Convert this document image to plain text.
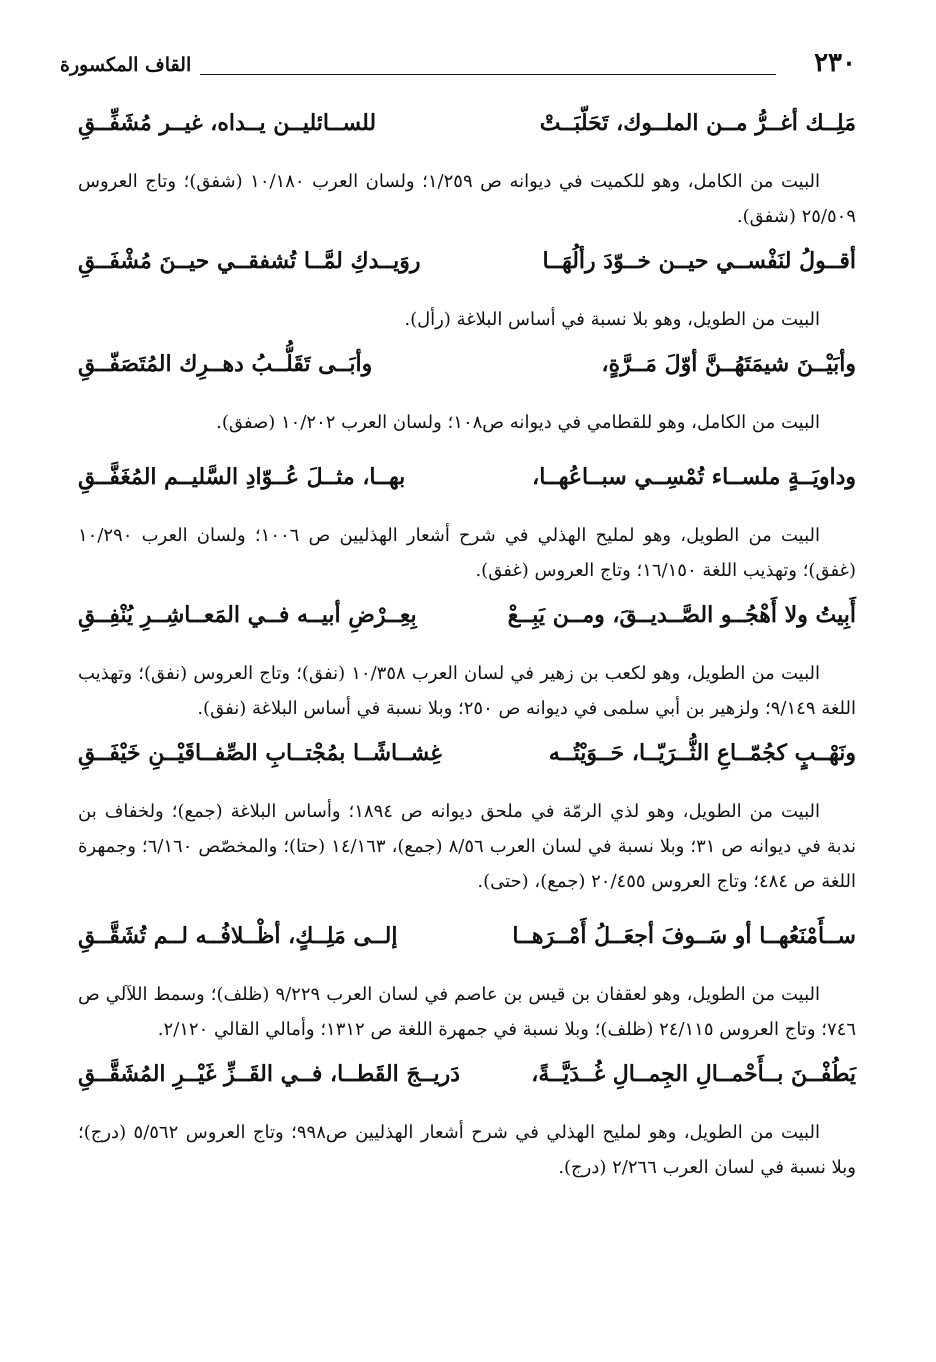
القاف المكسورة	٢٣٠
مَلِــك أغــرُّ مــن الملــوك، تَحَلّبَــتْ
للســائليــن يــداه، غيــر مُشَفِّــقِ

البيت من الكامل، وهو للكميت في ديوانه ص ١/٢٥٩؛ ولسان العرب ١٠/١٨٠ (شفق)؛ وتاج العروس ٢٥/٥٠٩ (شفق).

أقــولُ لنَفْســي حيــن خــوّدَ رألُهَــا
روَيــدكِ لمَّــا تُشفقــي حيــنَ مُشْفَــقِ

البيت من الطويل، وهو بلا نسبة في أساس البلاغة (رأل).

وأبَيْــنَ شيمَتَهُــنَّ أوّلَ مَــرَّةٍ،
وأبَــى تَقَلُّــبُ دهــرِك المُتَصَفّــقِ

البيت من الكامل، وهو للقطامي في ديوانه ص١٠٨؛ ولسان العرب ١٠/٢٠٢ (صفق).

وداويَــةٍ ملســاء تُمْسِــي سبــاعُهــا،
بهــا، مثــلَ عُــوّادِ السَّليــم المُغَفَّــقِ

البيت من الطويل، وهو لمليح الهذلي في شرح أشعار الهذليين ص ١٠٠٦؛ ولسان العرب ١٠/٢٩٠ (غفق)؛ وتهذيب اللغة ١٦/١٥٠؛ وتاج العروس (غفق).

أَبِيتُ ولا أَهْجُــو الصَّــديــقَ، ومــن يَبِــعْ
بِعِــرْضِ أبيــه فــي المَعــاشِــرِ يُنْفِــقِ

البيت من الطويل، وهو لكعب بن زهير في لسان العرب ١٠/٣٥٨ (نفق)؛ وتاج العروس (نفق)؛ وتهذيب اللغة ٩/١٤٩؛ ولزهير بن أبي سلمى في ديوانه ص ٢٥٠؛ وبلا نسبة في أساس البلاغة (نفق).

ونَهْــبٍ كجُمّــاعِ الثُّــرَيّــا، حَــوَيْتُــه
غِشــاشًــا بمُجْتــابِ الصِّفــاقَيْــنِ خَيْفَــقِ

البيت من الطويل، وهو لذي الرمّة في ملحق ديوانه ص ١٨٩٤؛ وأساس البلاغة (جمع)؛ ولخفاف بن ندبة في ديوانه ص ٣١؛ وبلا نسبة في لسان العرب ٨/٥٦ (جمع)، ١٤/١٦٣ (حتا)؛ والمخصّص ٦/١٦٠؛ وجمهرة اللغة ص ٤٨٤؛ وتاج العروس ٢٠/٤٥٥ (جمع)، (حتى).

ســأَمْنَعُهــا أو سَــوفَ أجعَــلُ أَمْــرَهــا
إلــى مَلِــكٍ، أظْــلافُــه لــم تُشَقَّــقِ

البيت من الطويل، وهو لعقفان بن قيس بن عاصم في لسان العرب ٩/٢٢٩ (ظلف)؛ وسمط اللآلي ص ٧٤٦؛ وتاج العروس ٢٤/١١٥ (ظلف)؛ وبلا نسبة في جمهرة اللغة ص ١٣١٢؛ وأمالي القالي ٢/١٢٠.

يَطُفْــنَ بــأَحْمــالِ الجِمــالِ غُــدَيَّــةً،
دَريــجَ القَطــا، فــي القَــزِّ غَيْــرِ المُشَقَّــقِ

البيت من الطويل، وهو لمليح الهذلي في شرح أشعار الهذليين ص٩٩٨؛ وتاج العروس ٥/٥٦٢ (درج)؛ وبلا نسبة في لسان العرب ٢/٢٦٦ (درج).
